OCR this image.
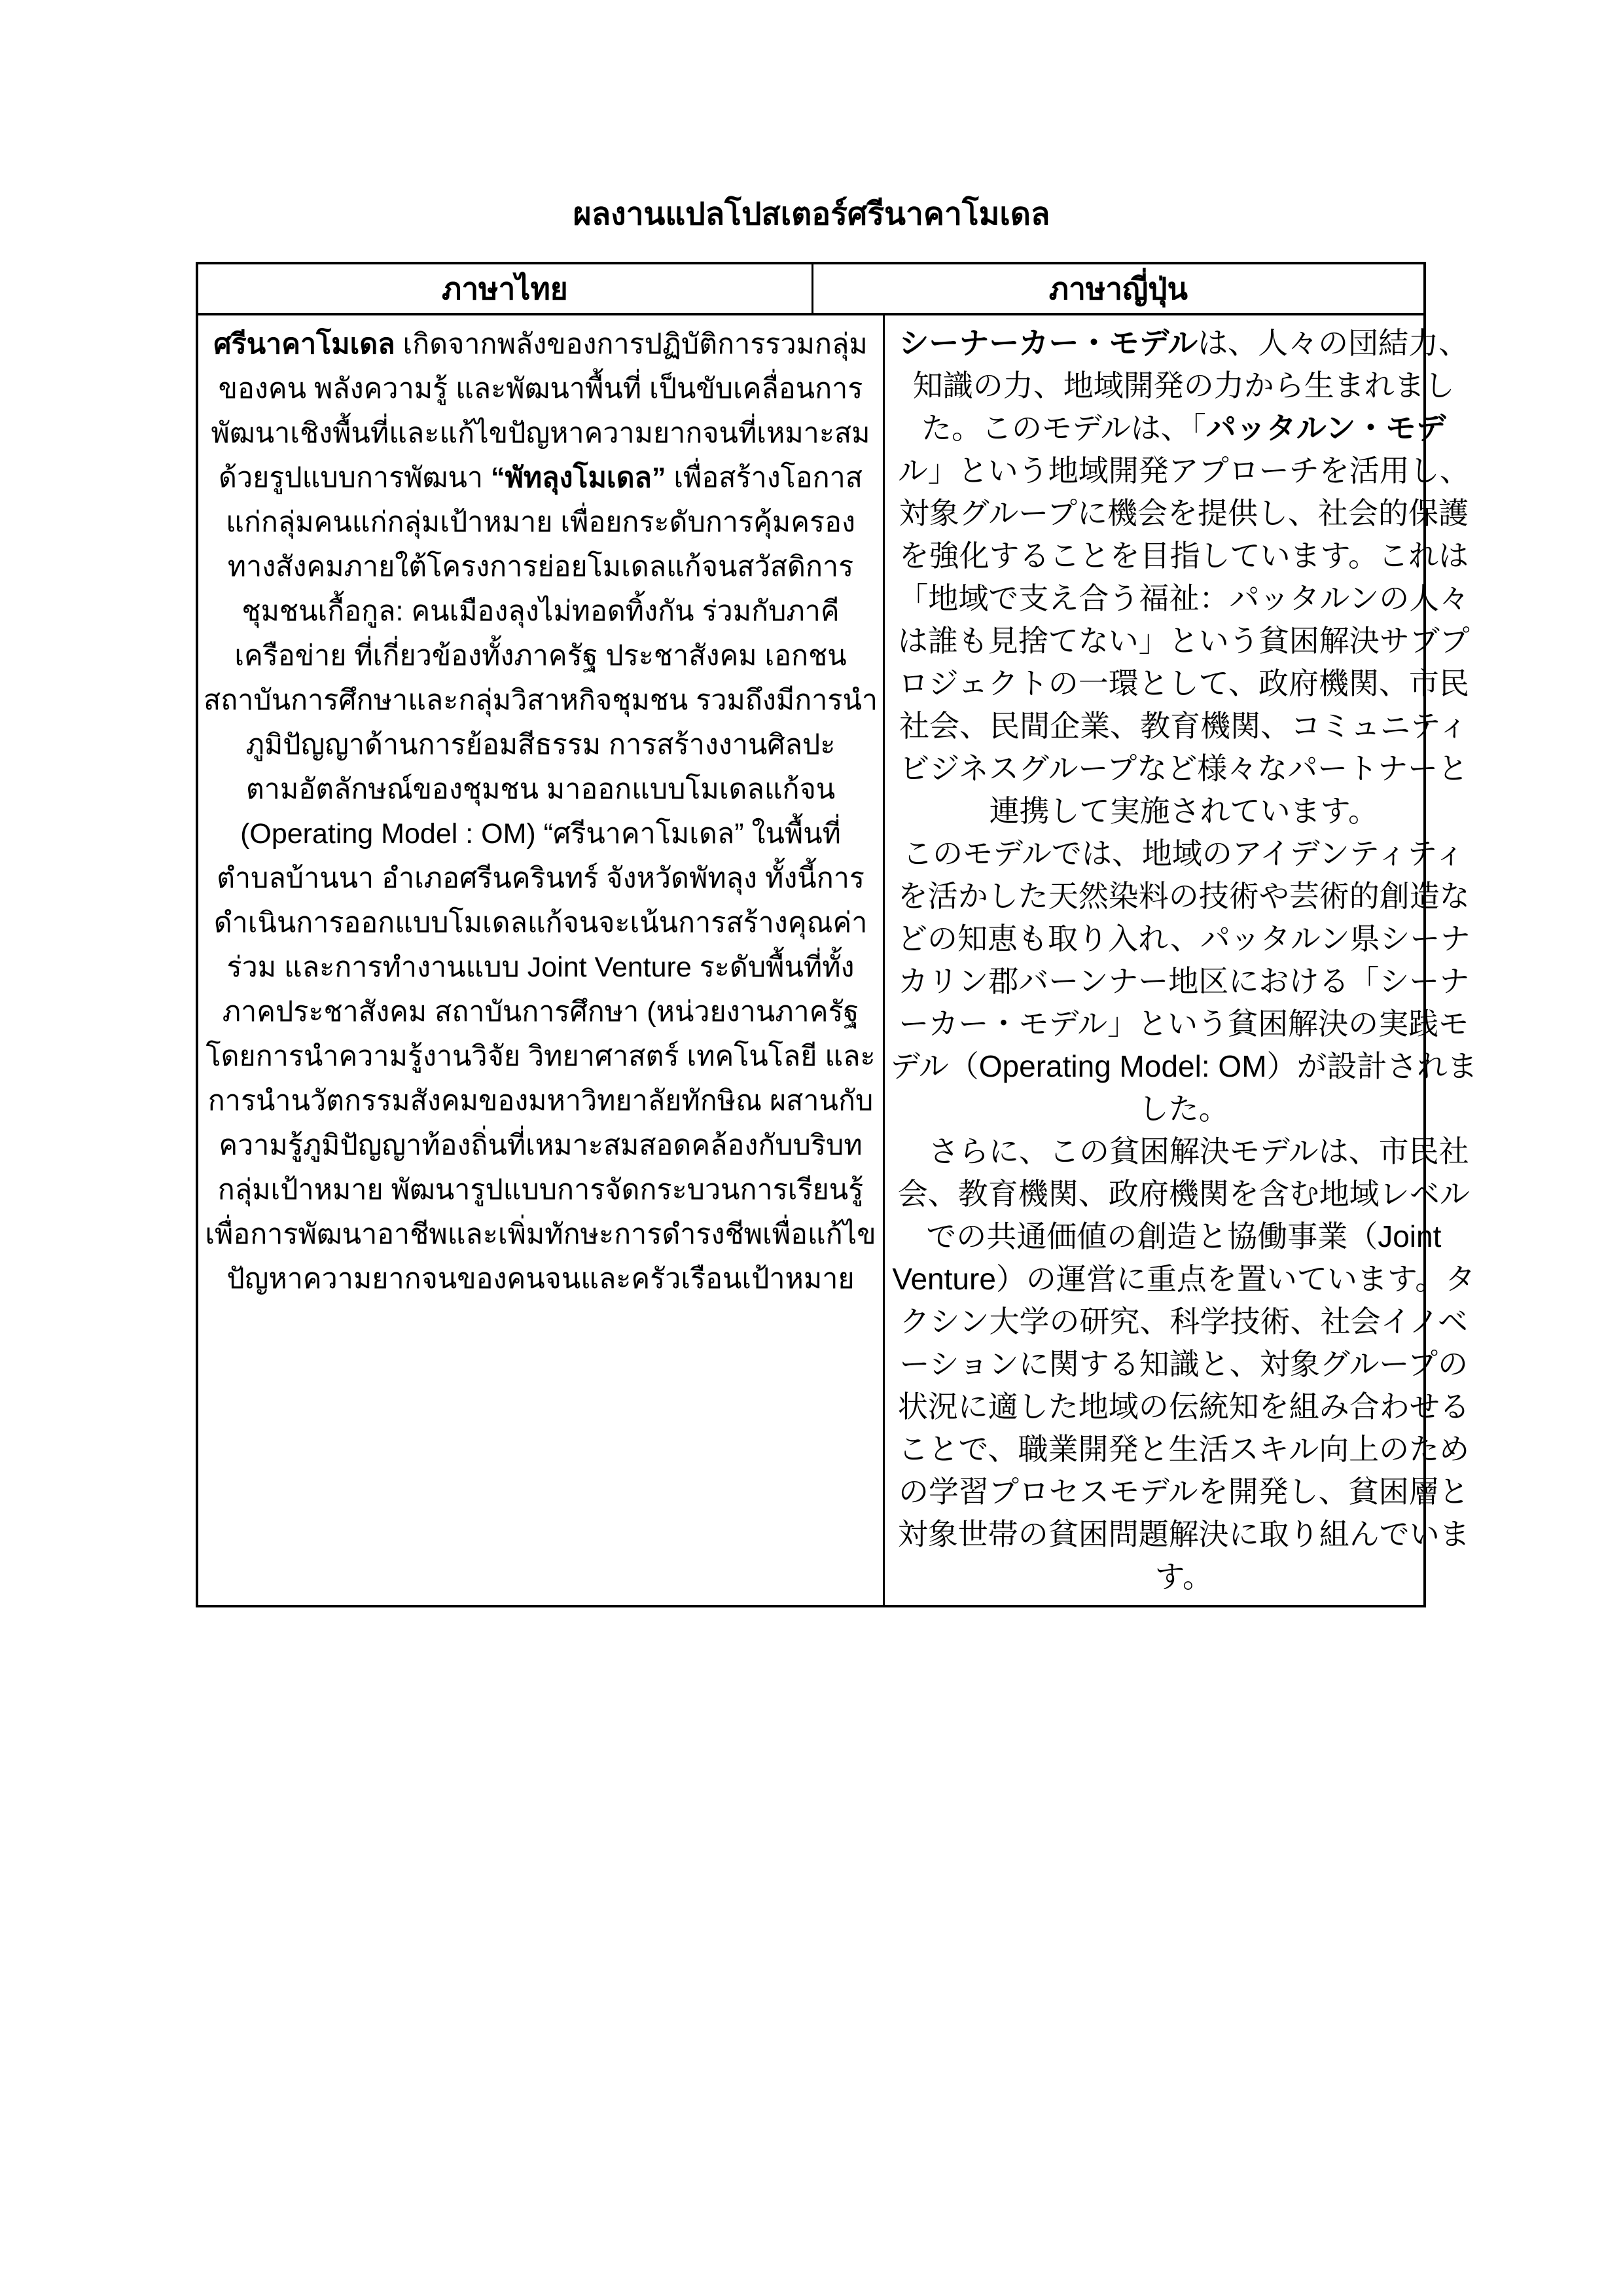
ผลงานแปลโปสเตอร์ศรีนาคาโมเดล
ภาษาไทย	ภาษาญี่ปุ่น
ศรีนาคาโมเดล เกิดจากพลังของการปฏิบัติการรวมกลุ่ม
ของคน พลังความรู้ และพัฒนาพื้นที่ เป็นขับเคลื่อนการ
พัฒนาเชิงพื้นที่และแก้ไขปัญหาความยากจนที่เหมาะสม
ด้วยรูปแบบการพัฒนา “พัทลุงโมเดล” เพื่อสร้างโอกาส
แก่กลุ่มคนแก่กลุ่มเป้าหมาย เพื่อยกระดับการคุ้มครอง
ทางสังคมภายใต้โครงการย่อยโมเดลแก้จนสวัสดิการ
ชุมชนเกื้อกูล: คนเมืองลุงไม่ทอดทิ้งกัน ร่วมกับภาคี
เครือข่าย ที่เกี่ยวข้องทั้งภาครัฐ ประชาสังคม เอกชน
สถาบันการศึกษาและกลุ่มวิสาหกิจชุมชน รวมถึงมีการนำ
ภูมิปัญญาด้านการย้อมสีธรรม การสร้างงานศิลปะ
ตามอัตลักษณ์ของชุมชน มาออกแบบโมเดลแก้จน
(Operating Model : OM) “ศรีนาคาโมเดล” ในพื้นที่
ตำบลบ้านนา อำเภอศรีนครินทร์ จังหวัดพัทลุง ทั้งนี้การ
ดำเนินการออกแบบโมเดลแก้จนจะเน้นการสร้างคุณค่า
ร่วม และการทำงานแบบ Joint Venture ระดับพื้นที่ทั้ง
ภาคประชาสังคม สถาบันการศึกษา (หน่วยงานภาครัฐ
โดยการนำความรู้งานวิจัย วิทยาศาสตร์ เทคโนโลยี และ
การนำนวัตกรรมสังคมของมหาวิทยาลัยทักษิณ ผสานกับ
ความรู้ภูมิปัญญาท้องถิ่นที่เหมาะสมสอดคล้องกับบริบท
กลุ่มเป้าหมาย พัฒนารูปแบบการจัดกระบวนการเรียนรู้
เพื่อการพัฒนาอาชีพและเพิ่มทักษะการดำรงชีพเพื่อแก้ไข
ปัญหาความยากจนของคนจนและครัวเรือนเป้าหมาย
シーナーカー・モデルは、人々の団結力、
知識の力、地域開発の力から生まれまし
た。このモデルは、「パッタルン・モデ
ル」という地域開発アプローチを活用し、
対象グループに機会を提供し、社会的保護
を強化することを目指しています。これは
「地域で支え合う福祉：パッタルンの人々
は誰も見捨てない」という貧困解決サブプ
ロジェクトの一環として、政府機関、市民
社会、民間企業、教育機関、コミュニティ
ビジネスグループなど様々なパートナーと
連携して実施されています。
このモデルでは、地域のアイデンティティ
を活かした天然染料の技術や芸術的創造な
どの知恵も取り入れ、パッタルン県シーナ
カリン郡バーンナー地区における「シーナ
ーカー・モデル」という貧困解決の実践モ
デル（Operating Model: OM）が設計されま
した。
　さらに、この貧困解決モデルは、市民社
会、教育機関、政府機関を含む地域レベル
での共通価値の創造と協働事業（Joint
Venture）の運営に重点を置いています。タ
クシン大学の研究、科学技術、社会イノベ
ーションに関する知識と、対象グループの
状況に適した地域の伝統知を組み合わせる
ことで、職業開発と生活スキル向上のため
の学習プロセスモデルを開発し、貧困層と
対象世帯の貧困問題解決に取り組んでいま
す。
